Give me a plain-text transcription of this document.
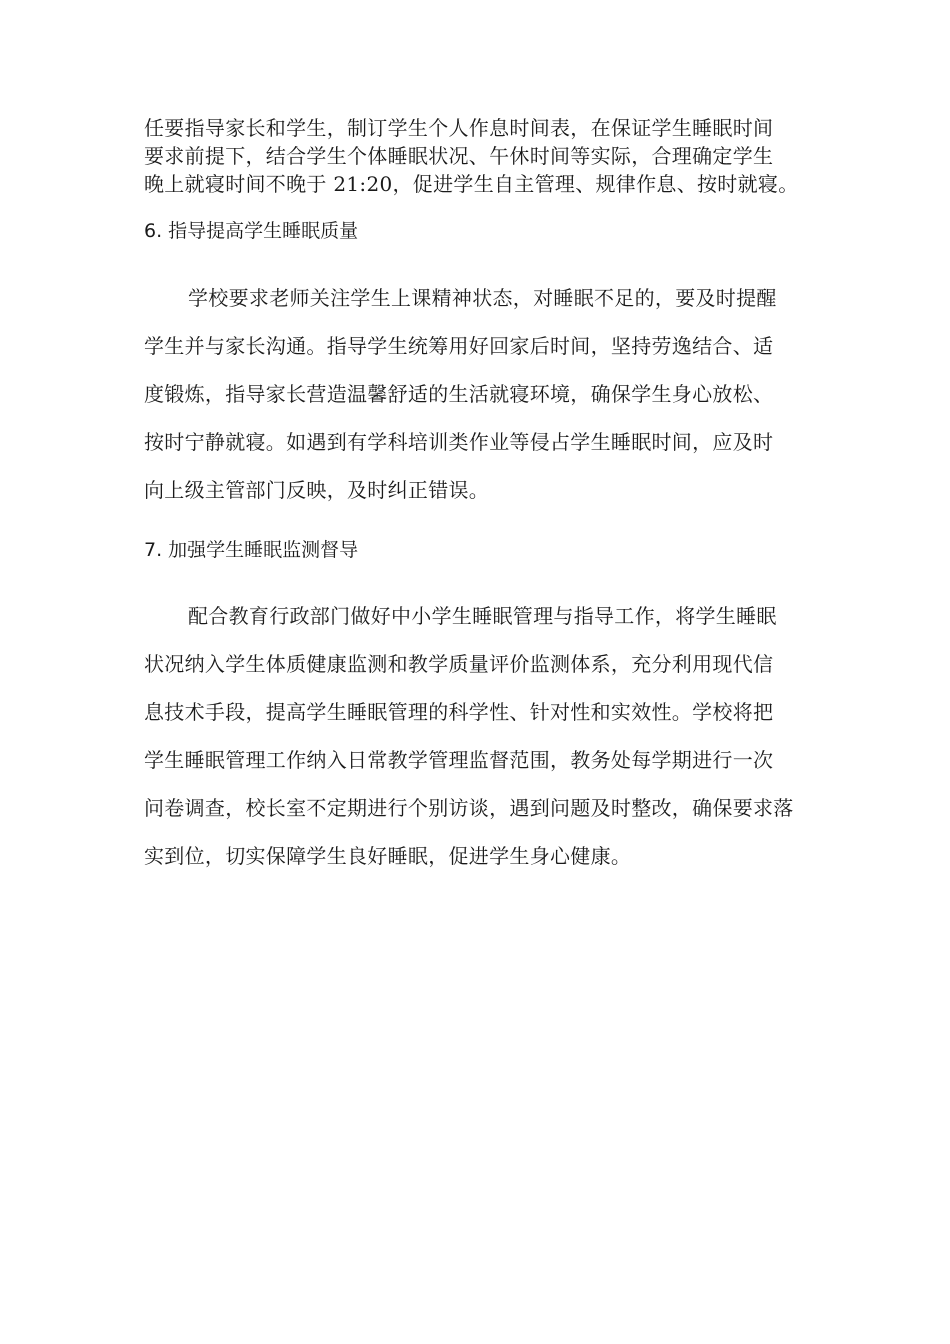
任要指导家长和学生，制订学生个人作息时间表，在保证学生睡眠时间
要求前提下，结合学生个体睡眠状况、午休时间等实际，合理确定学生
晚上就寝时间不晚于 21:20，促进学生自主管理、规律作息、按时就寝。
6. 指导提高学生睡眠质量
学校要求老师关注学生上课精神状态，对睡眠不足的，要及时提醒
学生并与家长沟通。指导学生统筹用好回家后时间，坚持劳逸结合、适
度锻炼，指导家长营造温馨舒适的生活就寝环境，确保学生身心放松、
按时宁静就寝。如遇到有学科培训类作业等侵占学生睡眠时间，应及时
向上级主管部门反映，及时纠正错误。
7. 加强学生睡眠监测督导
配合教育行政部门做好中小学生睡眠管理与指导工作，将学生睡眠
状况纳入学生体质健康监测和教学质量评价监测体系，充分利用现代信
息技术手段，提高学生睡眠管理的科学性、针对性和实效性。学校将把
学生睡眠管理工作纳入日常教学管理监督范围，教务处每学期进行一次
问卷调查，校长室不定期进行个别访谈，遇到问题及时整改，确保要求落
实到位，切实保障学生良好睡眠，促进学生身心健康。
